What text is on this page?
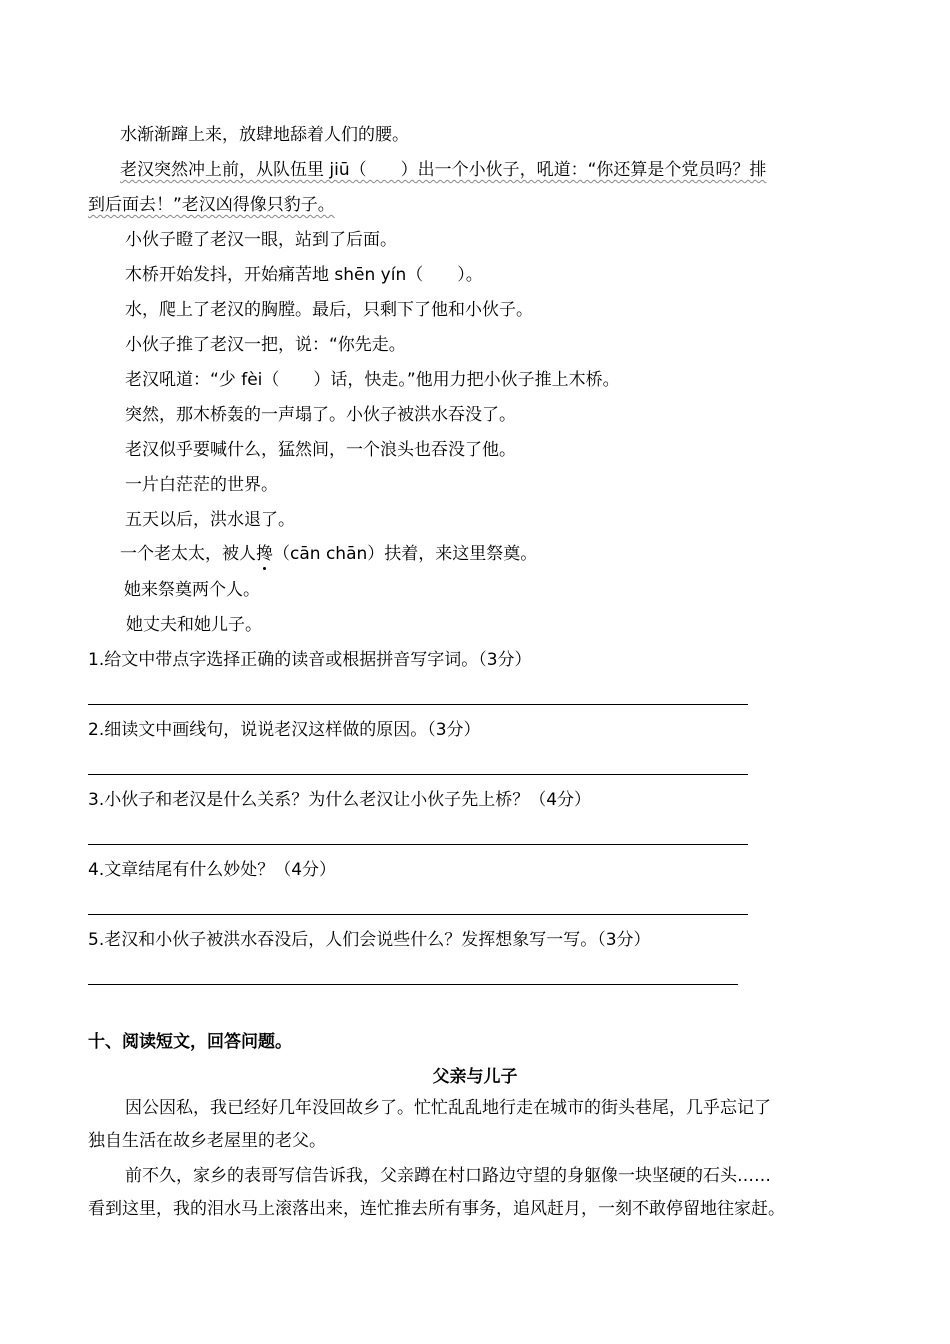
水渐渐蹿上来，放肆地舔着人们的腰。
老汉突然冲上前，从队伍里 jiū（　　）出一个小伙子，吼道：“你还算是个党员吗？排
到后面去！”老汉凶得像只豹子。
小伙子瞪了老汉一眼，站到了后面。
木桥开始发抖，开始痛苦地 shēn yín（　　）。
水，爬上了老汉的胸膛。最后，只剩下了他和小伙子。
小伙子推了老汉一把，说：“你先走。
老汉吼道：“少 fèi（　　）话，快走。”他用力把小伙子推上木桥。
突然，那木桥轰的一声塌了。小伙子被洪水吞没了。
老汉似乎要喊什么，猛然间，一个浪头也吞没了他。
一片白茫茫的世界。
五天以后，洪水退了。
一个老太太，被人搀（cān chān）扶着，来这里祭奠。
她来祭奠两个人。
她丈夫和她儿子。
1.给文中带点字选择正确的读音或根据拼音写字词。（3分）
2.细读文中画线句，说说老汉这样做的原因。（3分）
3.小伙子和老汉是什么关系？为什么老汉让小伙子先上桥？（4分）
4.文章结尾有什么妙处？（4分）
5.老汉和小伙子被洪水吞没后，人们会说些什么？发挥想象写一写。（3分）
十、阅读短文，回答问题。
父亲与儿子
因公因私，我已经好几年没回故乡了。忙忙乱乱地行走在城市的街头巷尾，几乎忘记了
独自生活在故乡老屋里的老父。
前不久，家乡的表哥写信告诉我，父亲蹲在村口路边守望的身躯像一块坚硬的石头……
看到这里，我的泪水马上滚落出来，连忙推去所有事务，追风赶月，一刻不敢停留地往家赶。
